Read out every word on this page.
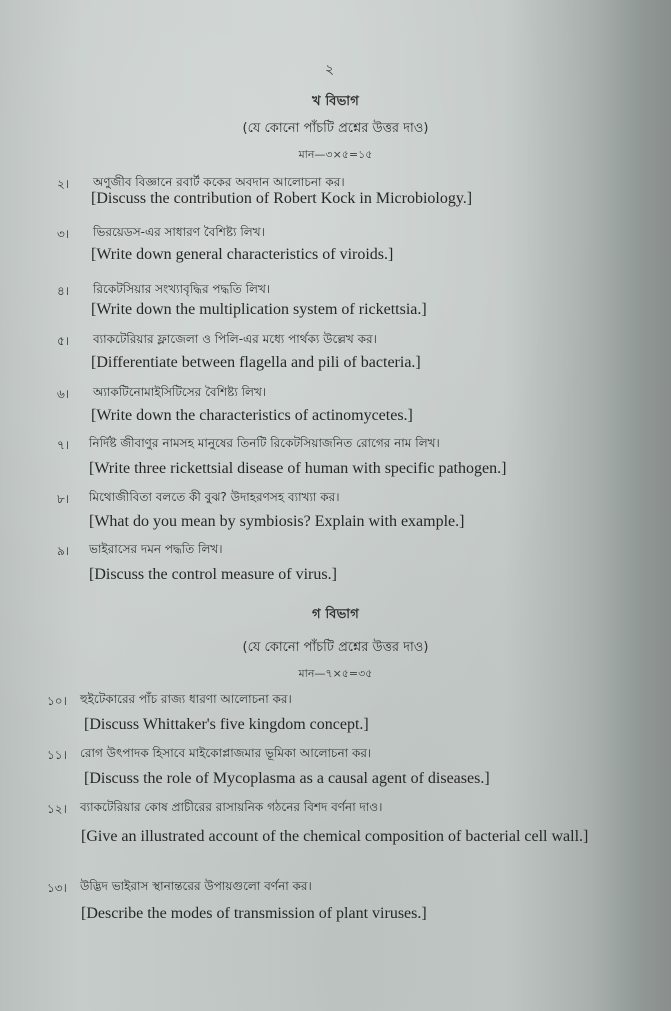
২
খ বিভাগ
(যে কোনো পাঁচটি প্রশ্নের উত্তর দাও)
মান—৩×৫=১৫
২। অণুজীব বিজ্ঞানে রবার্ট ককের অবদান আলোচনা কর।
[Discuss the contribution of Robert Kock in Microbiology.]
৩। ভিরয়েডস-এর সাধারণ বৈশিষ্ট্য লিখ।
[Write down general characteristics of viroids.]
৪। রিকেটসিয়ার সংখ্যাবৃদ্ধির পদ্ধতি লিখ।
[Write down the multiplication system of rickettsia.]
৫। ব্যাকটেরিয়ার ফ্লাজেলা ও পিলি-এর মধ্যে পার্থক্য উল্লেখ কর।
[Differentiate between flagella and pili of bacteria.]
৬। অ্যাকটিনোমাইসিটিসের বৈশিষ্ট্য লিখ।
[Write down the characteristics of actinomycetes.]
৭। নির্দিষ্ট জীবাণুর নামসহ মানুষের তিনটি রিকেটসিয়াজনিত রোগের নাম লিখ।
[Write three rickettsial disease of human with specific pathogen.]
৮। মিথোজীবিতা বলতে কী বুঝ? উদাহরণসহ ব্যাখ্যা কর।
[What do you mean by symbiosis? Explain with example.]
৯। ভাইরাসের দমন পদ্ধতি লিখ।
[Discuss the control measure of virus.]
গ বিভাগ
(যে কোনো পাঁচটি প্রশ্নের উত্তর দাও)
মান—৭×৫=৩৫
১০। হুইটেকারের পাঁচ রাজ্য ধারণা আলোচনা কর।
[Discuss Whittaker's five kingdom concept.]
১১। রোগ উৎপাদক হিসাবে মাইকোপ্লাজমার ভূমিকা আলোচনা কর।
[Discuss the role of Mycoplasma as a causal agent of diseases.]
১২। ব্যাকটেরিয়ার কোষ প্রাচীরের রাসায়নিক গঠনের বিশদ বর্ণনা দাও।
[Give an illustrated account of the chemical composition of bacterial cell wall.]
১৩। উদ্ভিদ ভাইরাস স্থানান্তরের উপায়গুলো বর্ণনা কর।
[Describe the modes of transmission of plant viruses.]
